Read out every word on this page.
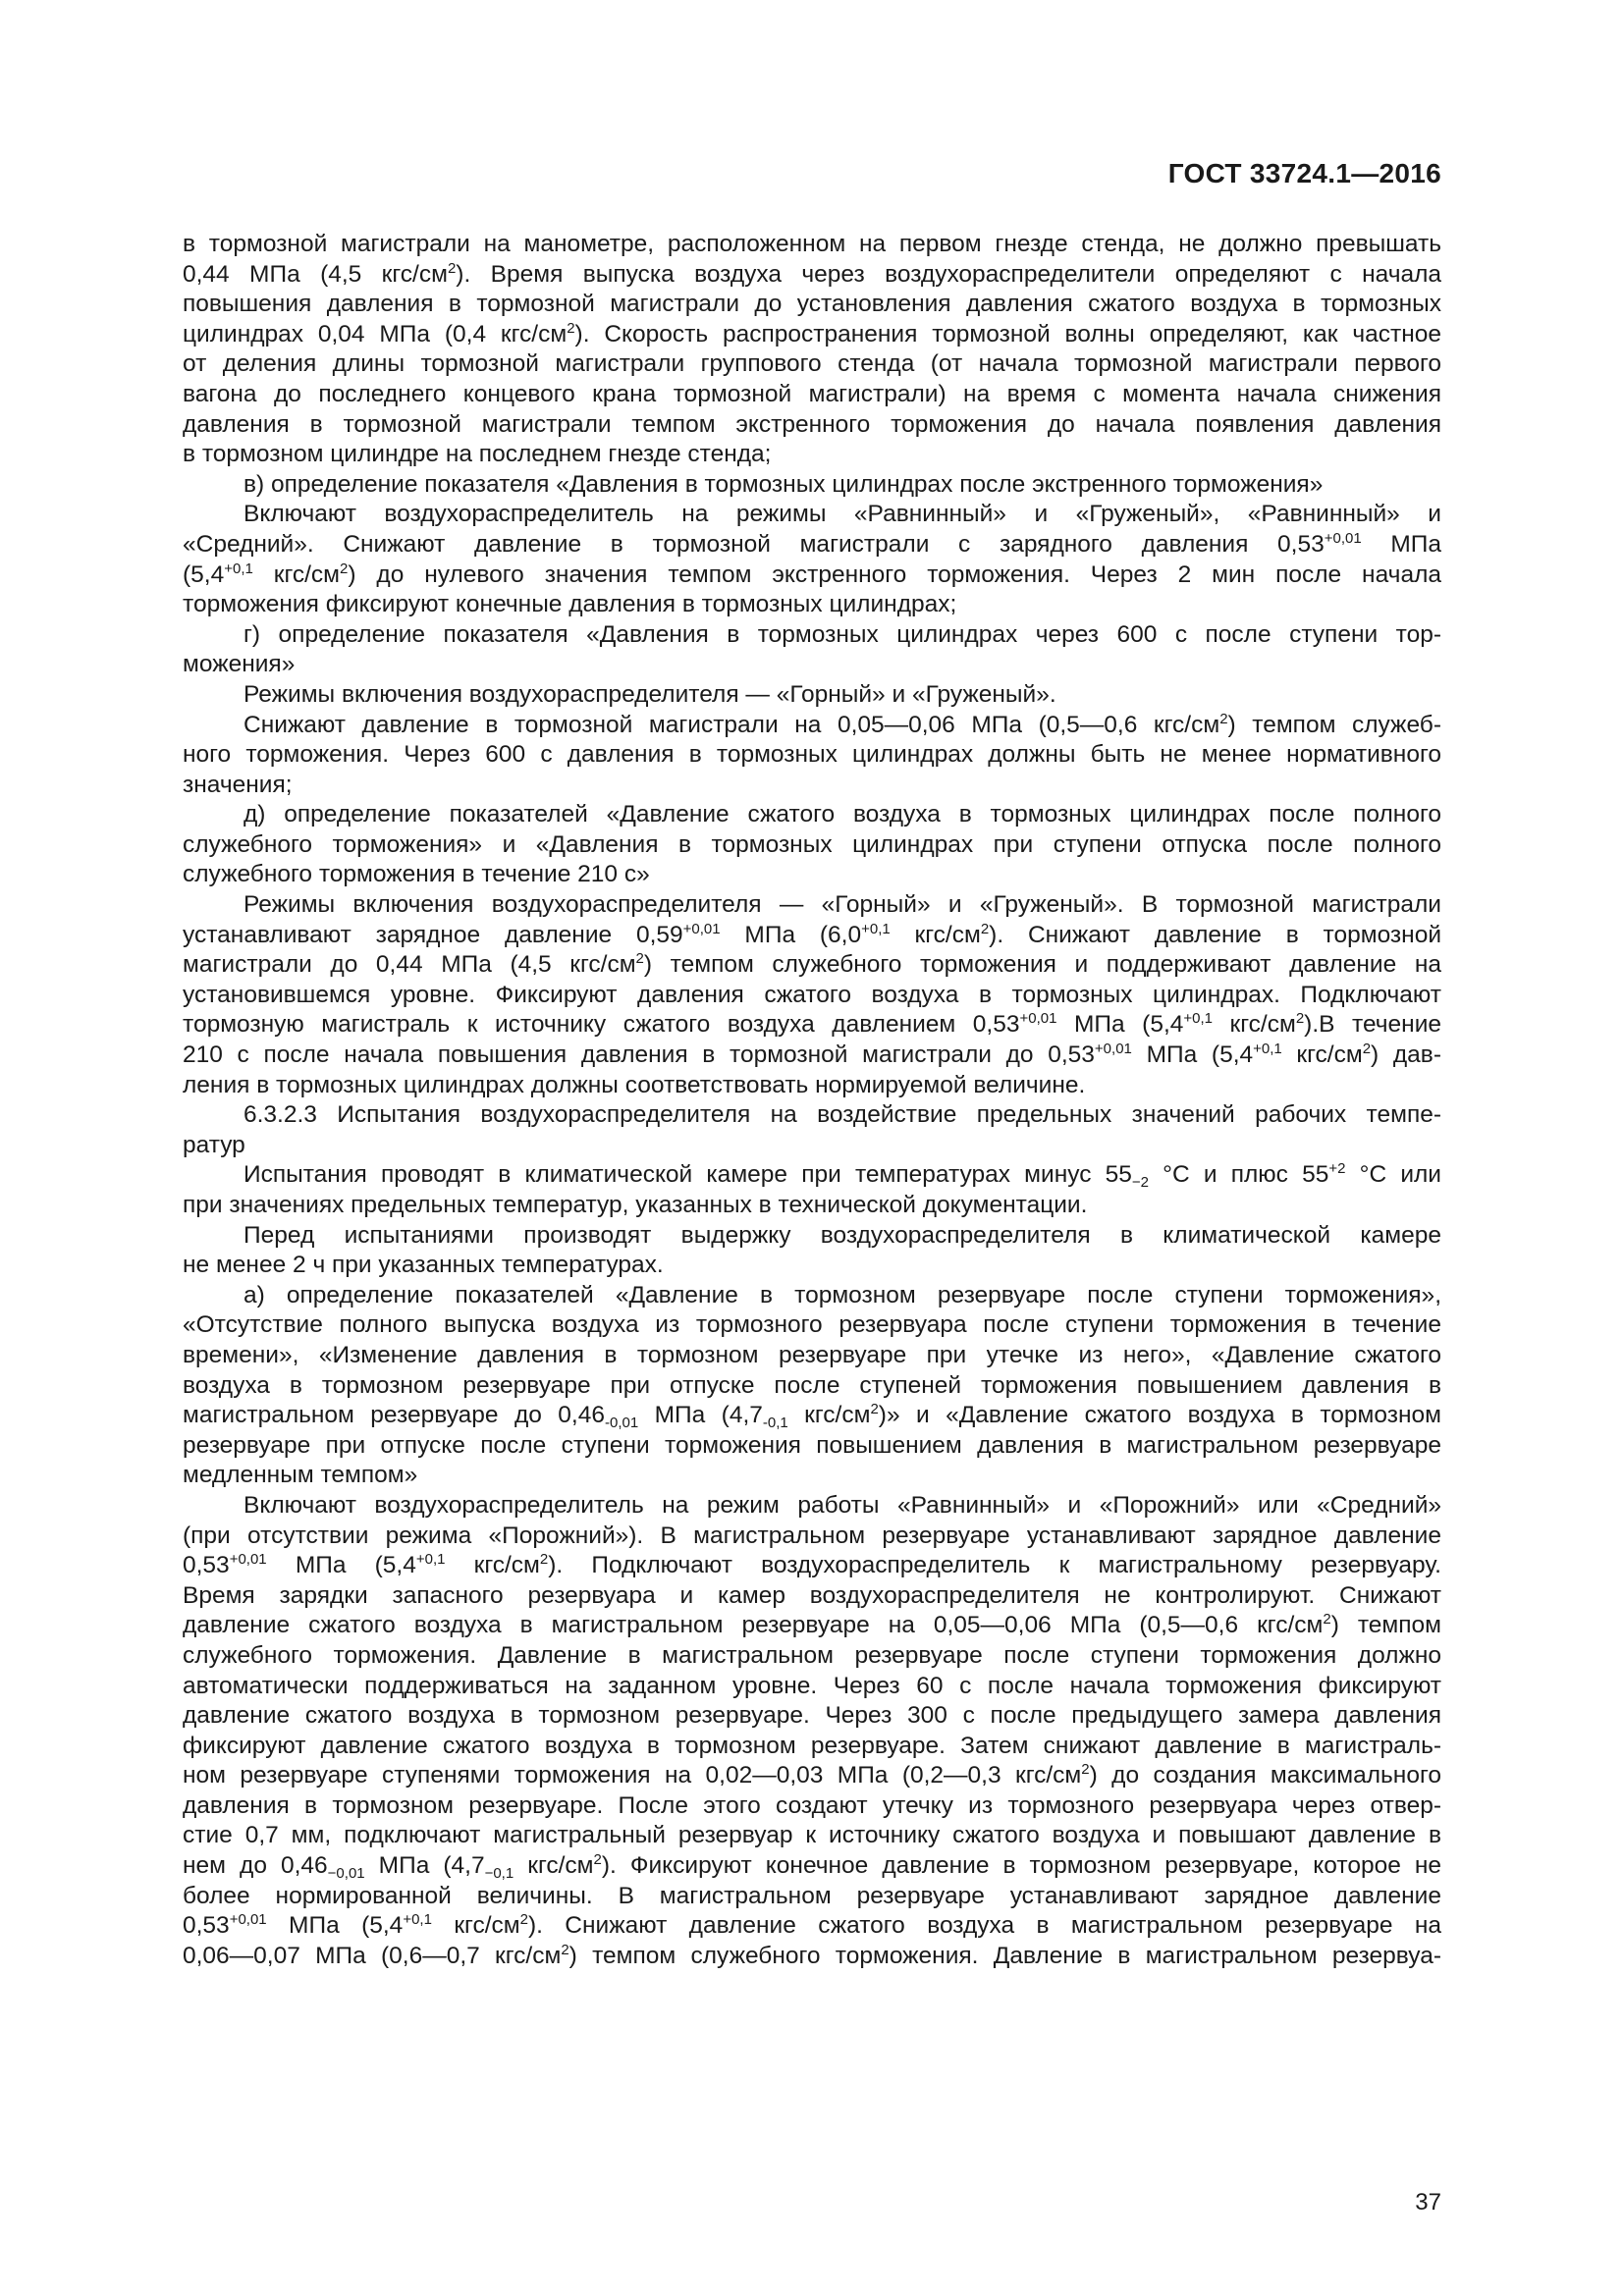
ГОСТ 33724.1—2016
в тормозной магистрали на манометре, расположенном на первом гнезде стенда, не должно превышать
0,44 МПа (4,5 кгс/$см^2$). Время выпуска воздуха через воздухораспределители определяют с начала
повышения давления в тормозной магистрали до установления давления сжатого воздуха в тормозных
цилиндрах 0,04 МПа (0,4 кгс/$см^2$). Скорость распространения тормозной волны определяют, как частное
от деления длины тормозной магистрали группового стенда (от начала тормозной магистрали первого
вагона до последнего концевого крана тормозной магистрали) на время с момента начала снижения
давления в тормозной магистрали темпом экстренного торможения до начала появления давления
в тормозном цилиндре на последнем гнезде стенда;
в) определение показателя «Давления в тормозных цилиндрах после экстренного торможения»
Включают воздухораспределитель на режимы «Равнинный» и «Груженый», «Равнинный» и
«Средний». Снижают давление в тормозной магистрали с зарядного давления $0,53^{+0,01}$ МПа
($5,4^{+0,1}$ кгс/$см^2$) до нулевого значения темпом экстренного торможения. Через 2 мин после начала
торможения фиксируют конечные давления в тормозных цилиндрах;
г) определение показателя «Давления в тормозных цилиндрах через 600 с после ступени тор-
можения»
Режимы включения воздухораспределителя — «Горный» и «Груженый».
Снижают давление в тормозной магистрали на 0,05—0,06 МПа (0,5—0,6 кгс/$см^2$) темпом служеб-
ного торможения. Через 600 с давления в тормозных цилиндрах должны быть не менее нормативного
значения;
д) определение показателей «Давление сжатого воздуха в тормозных цилиндрах после полного
служебного торможения» и «Давления в тормозных цилиндрах при ступени отпуска после полного
служебного торможения в течение 210 с»
Режимы включения воздухораспределителя — «Горный» и «Груженый». В тормозной магистрали
устанавливают зарядное давление $0,59^{+0,01}$ МПа ($6,0^{+0,1}$ кгс/$см^2$). Снижают давление в тормозной
магистрали до 0,44 МПа (4,5 кгс/$см^2$) темпом служебного торможения и поддерживают давление на
установившемся уровне. Фиксируют давления сжатого воздуха в тормозных цилиндрах. Подключают
тормозную магистраль к источнику сжатого воздуха давлением $0,53^{+0,01}$ МПа ($5,4^{+0,1}$ кгс/$см^2).В$ течение
210 с после начала повышения давления в тормозной магистрали до $0,53^{+0,01}$ МПа ($5,4^{+0,1}$ кгс/$см^2$) дав-
ления в тормозных цилиндрах должны соответствовать нормируемой величине.
6.3.2.3 Испытания воздухораспределителя на воздействие предельных значений рабочих темпе-
ратур
Испытания проводят в климатической камере при температурах минус $55_{-2}$ °С и плюс $55^{+2}$ °С или
при значениях предельных температур, указанных в технической документации.
Перед испытаниями производят выдержку воздухораспределителя в климатической камере
не менее 2 ч при указанных температурах.
а) определение показателей «Давление в тормозном резервуаре после ступени торможения»,
«Отсутствие полного выпуска воздуха из тормозного резервуара после ступени торможения в течение
времени», «Изменение давления в тормозном резервуаре при утечке из него», «Давление сжатого
воздуха в тормозном резервуаре при отпуске после ступеней торможения повышением давления в
магистральном резервуаре до $0,46_{-0,01}$ МПа ($4,7_{-0,1}$ кгс/$см^2$)» и «Давление сжатого воздуха в тормозном
резервуаре при отпуске после ступени торможения повышением давления в магистральном резервуаре
медленным темпом»
Включают воздухораспределитель на режим работы «Равнинный» и «Порожний» или «Средний»
(при отсутствии режима «Порожний»). В магистральном резервуаре устанавливают зарядное давление
$0,53^{+0,01}$ МПа ($5,4^{+0,1}$ кгс/$см^2$). Подключают воздухораспределитель к магистральному резервуару.
Время зарядки запасного резервуара и камер воздухораспределителя не контролируют. Снижают
давление сжатого воздуха в магистральном резервуаре на 0,05—0,06 МПа (0,5—0,6 кгс/$см^2$) темпом
служебного торможения. Давление в магистральном резервуаре после ступени торможения должно
автоматически поддерживаться на заданном уровне. Через 60 с после начала торможения фиксируют
давление сжатого воздуха в тормозном резервуаре. Через 300 с после предыдущего замера давления
фиксируют давление сжатого воздуха в тормозном резервуаре. Затем снижают давление в магистраль-
ном резервуаре ступенями торможения на 0,02—0,03 МПа (0,2—0,3 кгс/$см^2$) до создания максимального
давления в тормозном резервуаре. После этого создают утечку из тормозного резервуара через отвер-
стие 0,7 мм, подключают магистральный резервуар к источнику сжатого воздуха и повышают давление в
нем до $0,46_{-0,01}$ МПа ($4,7_{-0,1}$ кгс/$см^2$). Фиксируют конечное давление в тормозном резервуаре, которое не
более нормированной величины. В магистральном резервуаре устанавливают зарядное давление
$0,53^{+0,01}$ МПа ($5,4^{+0,1}$ кгс/$см^2$). Снижают давление сжатого воздуха в магистральном резервуаре на
0,06—0,07 МПа (0,6—0,7 кгс/$см^2$) темпом служебного торможения. Давление в магистральном резервуа-
37
